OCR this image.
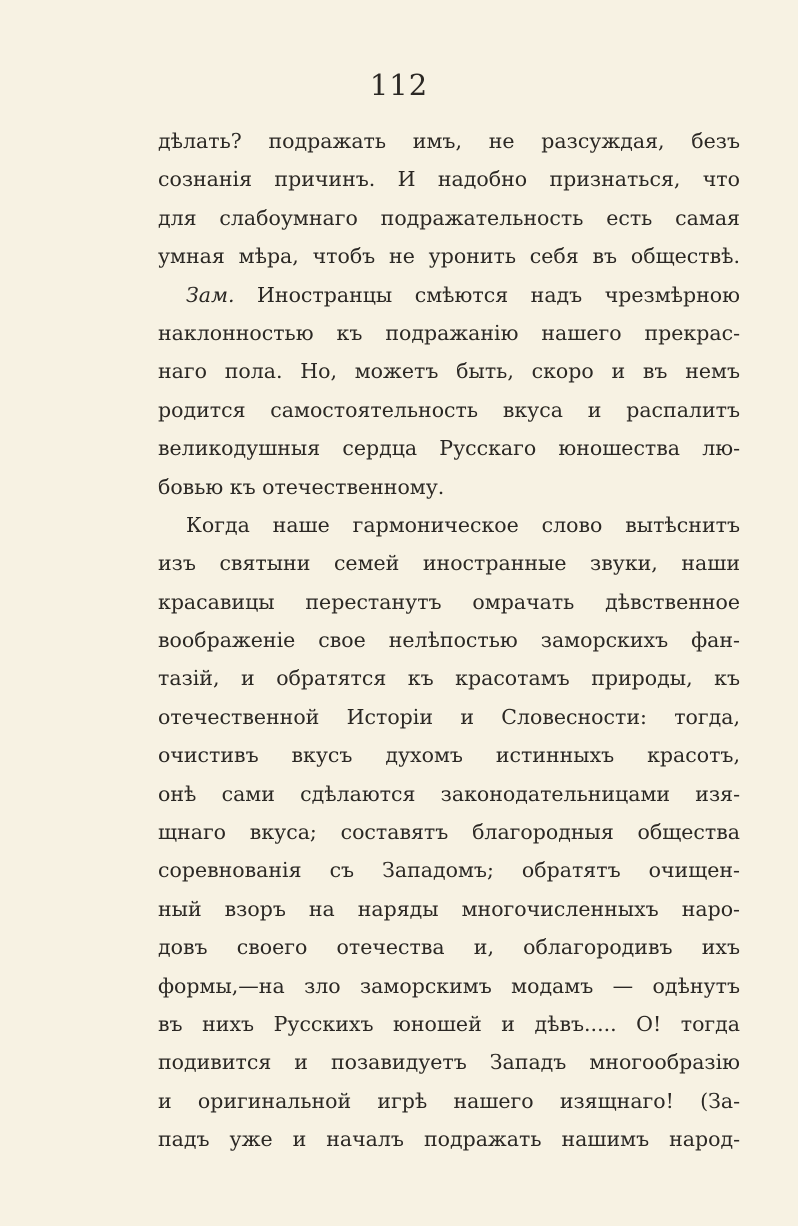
112
дѣлать? подражать имъ, не разсуждая, безъ
сознанія причинъ. И надобно признаться, что
для слабоумнаго подражательность есть самая
умная мѣра, чтобъ не уронить себя въ обществѣ.
Зам. Иностранцы смѣются надъ чрезмѣрною
наклонностью къ подражанію нашего прекрас-
наго пола. Но, можетъ быть, скоро и въ немъ
родится самостоятельность вкуса и распалитъ
великодушныя сердца Русскаго юношества лю-
бовью къ отечественному.
Когда наше гармоническое слово вытѣснитъ
изъ святыни семей иностранные звуки, наши
красавицы перестанутъ омрачать дѣвственное
воображеніе свое нелѣпостью заморскихъ фан-
тазій, и обратятся къ красотамъ природы, къ
отечественной Исторіи и Словесности: тогда,
очистивъ вкусъ духомъ истинныхъ красотъ,
онѣ сами сдѣлаются законодательницами изя-
щнаго вкуса; составятъ благородныя общества
соревнованія съ Западомъ; обратятъ очищен-
ный взоръ на наряды многочисленныхъ наро-
довъ своего отечества и, облагородивъ ихъ
формы,—на зло заморскимъ модамъ — одѣнутъ
въ нихъ Русскихъ юношей и дѣвъ..... О! тогда
подивится и позавидуетъ Западъ многообразію
и оригинальной игрѣ нашего изящнаго! (За-
падъ уже и началъ подражать нашимъ народ-
